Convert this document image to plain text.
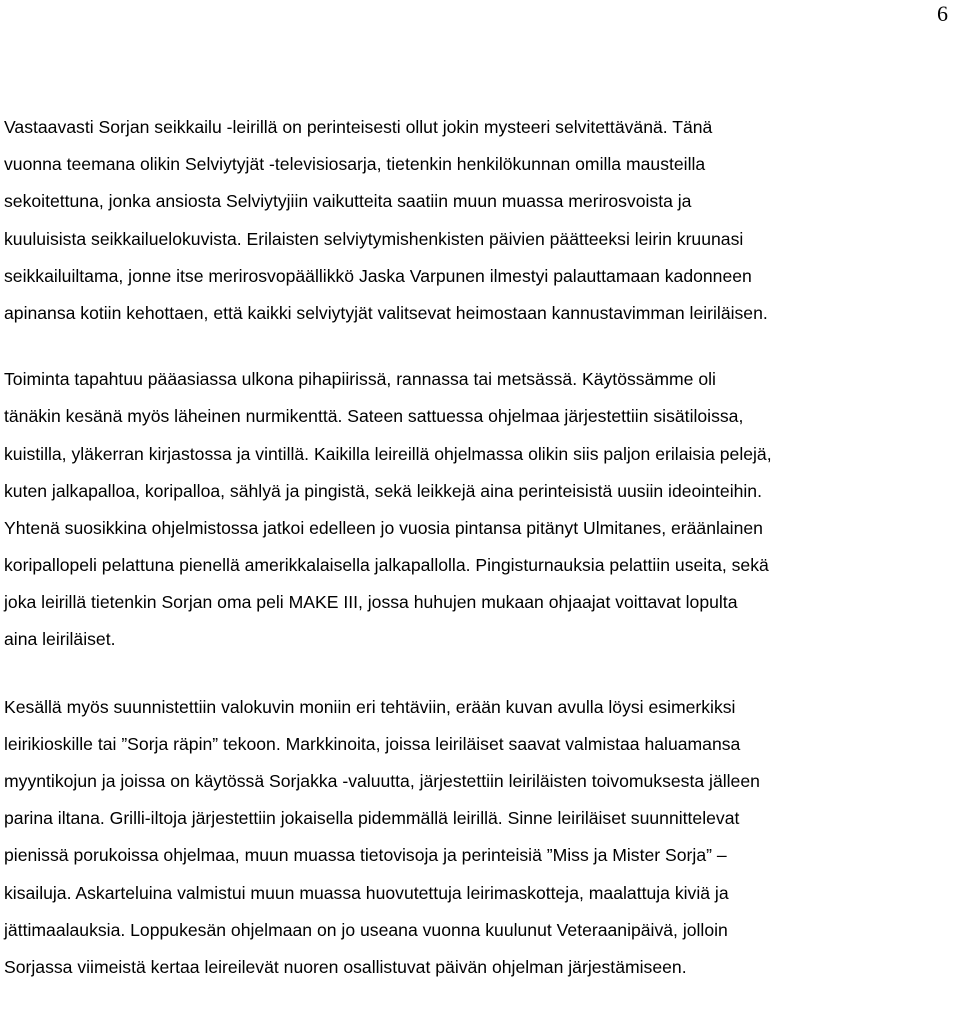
6

Vastaavasti Sorjan seikkailu -leirillä on perinteisesti ollut jokin mysteeri selvitettävänä. Tänä
vuonna teemana olikin Selviytyjät -televisiosarja, tietenkin henkilökunnan omilla mausteilla
sekoitettuna, jonka ansiosta Selviytyjiin vaikutteita saatiin muun muassa merirosvoista ja
kuuluisista seikkailuelokuvista. Erilaisten selviytymishenkisten päivien päätteeksi leirin kruunasi
seikkailuiltama, jonne itse merirosvopäällikkö Jaska Varpunen ilmestyi palauttamaan kadonneen
apinansa kotiin kehottaen, että kaikki selviytyjät valitsevat heimostaan kannustavimman leiriläisen.

Toiminta tapahtuu pääasiassa ulkona pihapiirissä, rannassa tai metsässä. Käytössämme oli
tänäkin kesänä myös läheinen nurmikenttä. Sateen sattuessa ohjelmaa järjestettiin sisätiloissa,
kuistilla, yläkerran kirjastossa ja vintillä. Kaikilla leireillä ohjelmassa olikin siis paljon erilaisia pelejä,
kuten jalkapalloa, koripalloa, sählyä ja pingistä, sekä leikkejä aina perinteisistä uusiin ideointeihin.
Yhtenä suosikkina ohjelmistossa jatkoi edelleen jo vuosia pintansa pitänyt Ulmitanes, eräänlainen
koripallopeli pelattuna pienellä amerikkalaisella jalkapallolla. Pingisturnauksia pelattiin useita, sekä
joka leirillä tietenkin Sorjan oma peli MAKE III, jossa huhujen mukaan ohjaajat voittavat lopulta
aina leiriläiset.

Kesällä myös suunnistettiin valokuvin moniin eri tehtäviin, erään kuvan avulla löysi esimerkiksi
leirikioskille tai ”Sorja räpin” tekoon. Markkinoita, joissa leiriläiset saavat valmistaa haluamansa
myyntikojun ja joissa on käytössä Sorjakka -valuutta, järjestettiin leiriläisten toivomuksesta jälleen
parina iltana. Grilli-iltoja järjestettiin jokaisella pidemmällä leirillä. Sinne leiriläiset suunnittelevat
pienissä porukoissa ohjelmaa, muun muassa tietovisoja ja perinteisiä ”Miss ja Mister Sorja” –
kisailuja. Askarteluina valmistui muun muassa huovutettuja leirimaskotteja, maalattuja kiviä ja
jättimaalauksia. Loppukesän ohjelmaan on jo useana vuonna kuulunut Veteraanipäivä, jolloin
Sorjassa viimeistä kertaa leireilevät nuoren osallistuvat päivän ohjelman järjestämiseen.
